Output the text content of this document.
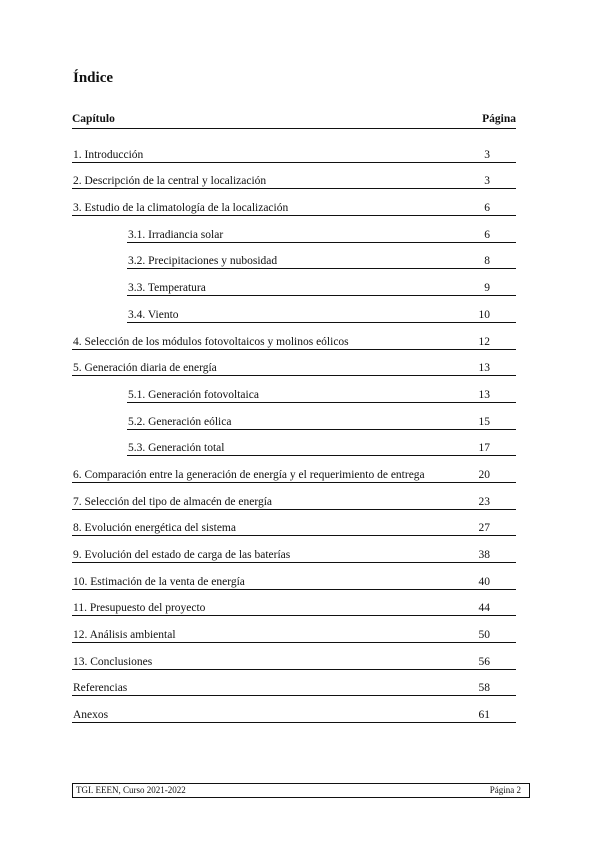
Índice
Capítulo	Página
1. Introducción	3
2. Descripción de la central y localización	3
3. Estudio de la climatología de la localización	6
3.1. Irradiancia solar	6
3.2. Precipitaciones y nubosidad	8
3.3. Temperatura	9
3.4. Viento	10
4. Selección de los módulos fotovoltaicos y molinos eólicos	12
5. Generación diaria de energía	13
5.1. Generación fotovoltaica	13
5.2. Generación eólica	15
5.3. Generación total	17
6. Comparación entre la generación de energía y el requerimiento de entrega	20
7. Selección del tipo de almacén de energía	23
8. Evolución energética del sistema	27
9. Evolución del estado de carga de las baterías	38
10. Estimación de la venta de energía	40
11. Presupuesto del proyecto	44
12. Análisis ambiental	50
13. Conclusiones	56
Referencias	58
Anexos	61
TGI. EEEN, Curso 2021-2022	Página 2
